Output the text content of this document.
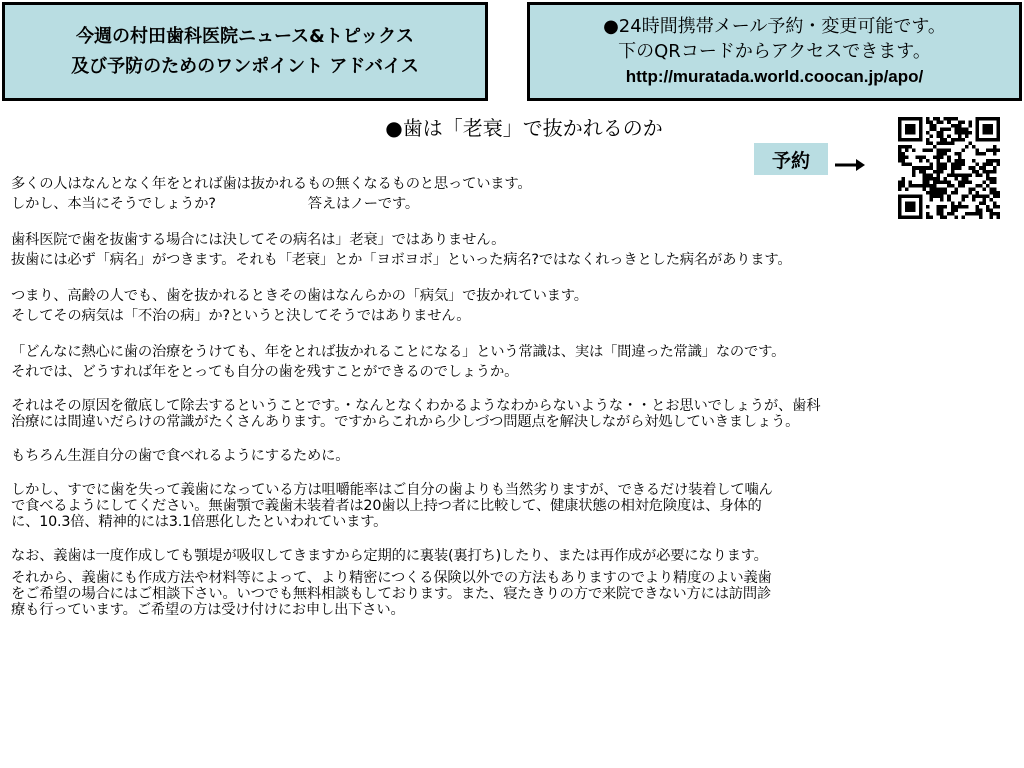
今週の村田歯科医院ニュース&トピックス
及び予防のためのワンポイント アドバイス
●24時間携帯メール予約・変更可能です。
下のQRコードからアクセスできます。
http://muratada.world.coocan.jp/apo/
●歯は「老衰」で抜かれるのか
予約
多くの人はなんとなく年をとれば歯は抜かれるもの無くなるものと思っています。
しかし、本当にそうでしょうか?	答えはノーです。
歯科医院で歯を抜歯する場合には決してその病名は」老衰」ではありません。
抜歯には必ず「病名」がつきます。それも「老衰」とか「ヨボヨボ」といった病名?ではなくれっきとした病名があります。
つまり、高齢の人でも、歯を抜かれるときその歯はなんらかの「病気」で抜かれています。
そしてその病気は「不治の病」か?というと決してそうではありません。
「どんなに熱心に歯の治療をうけても、年をとれば抜かれることになる」という常識は、実は「間違った常識」なのです。
それでは、どうすれば年をとっても自分の歯を残すことができるのでしょうか。
それはその原因を徹底して除去するということです。・なんとなくわかるようなわからないような・・とお思いでしょうが、歯科
治療には間違いだらけの常識がたくさんあります。ですからこれから少しづつ問題点を解決しながら対処していきましょう。
もちろん生涯自分の歯で食べれるようにするために。
しかし、すでに歯を失って義歯になっている方は咀嚼能率はご自分の歯よりも当然劣りますが、できるだけ装着して噛ん
で食べるようにしてください。無歯顎で義歯未装着者は20歯以上持つ者に比較して、健康状態の相対危険度は、身体的
に、10.3倍、精神的には3.1倍悪化したといわれています。
なお、義歯は一度作成しても顎堤が吸収してきますから定期的に裏装(裏打ち)したり、または再作成が必要になります。
それから、義歯にも作成方法や材料等によって、より精密につくる保険以外での方法もありますのでより精度のよい義歯
をご希望の場合にはご相談下さい。いつでも無料相談もしております。また、寝たきりの方で来院できない方には訪問診
療も行っています。ご希望の方は受け付けにお申し出下さい。
